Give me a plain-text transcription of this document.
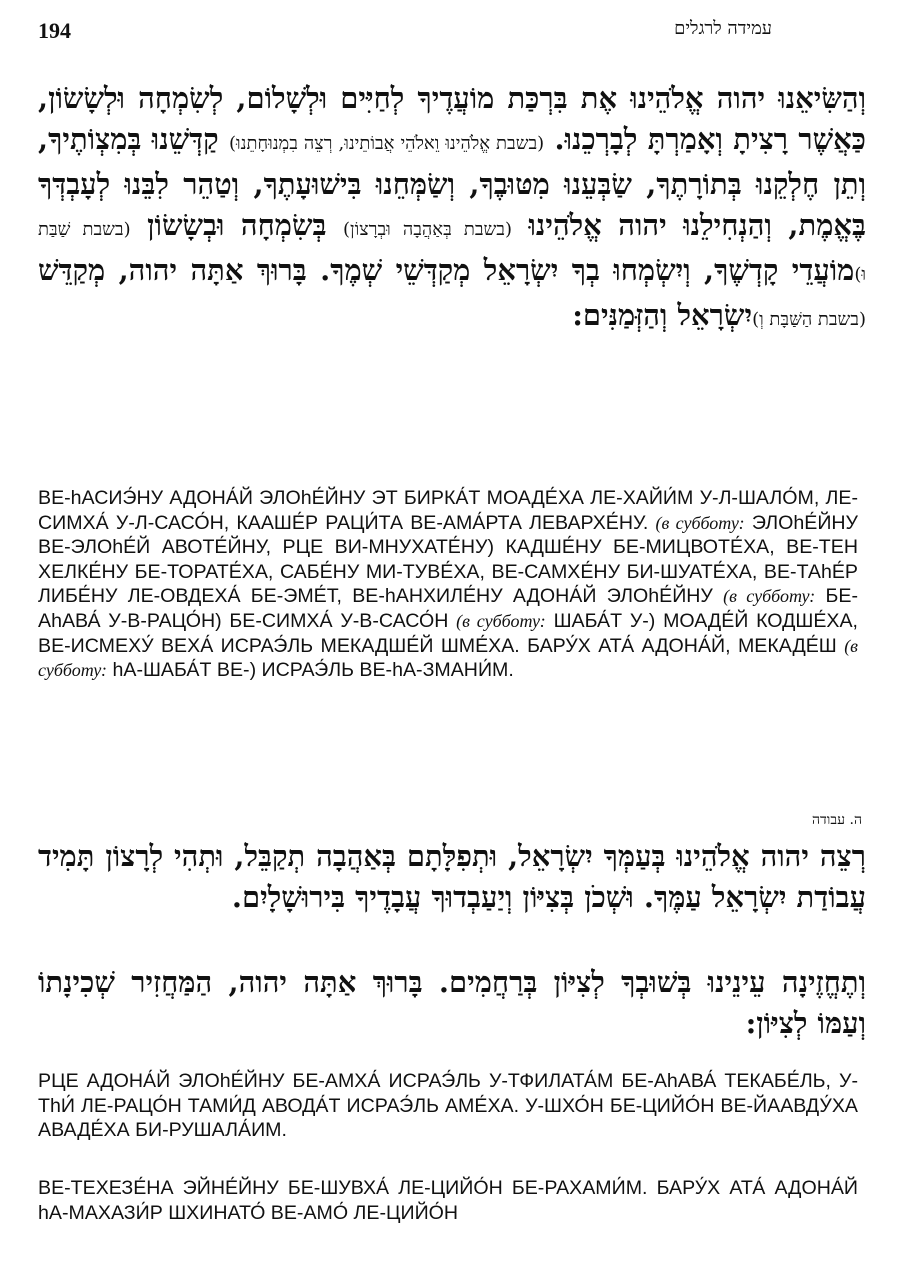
194	עמידה לרגלים
וְהַשִּׂיאֵנוּ יהוה אֱלֹהֵינוּ אֶת בִּרְכַּת מוֹעֲדֶיךָ לְחַיִּים וּלְשָׁלוֹם, לְשִׂמְחָה וּלְשָׂשׂוֹן, כַּאֲשֶׁר רָצִיתָ וְאָמַרְתָּ לְבָרְכֵנוּ. (בשבת אֱלֹהֵינוּ וֵאלֹהֵי אֲבוֹתֵינוּ, רְצֵה בִמְנוּחָתֵנוּ) קַדְּשֵׁנוּ בְּמִצְוֹתֶיךָ, וְתֵן חֶלְקֵנוּ בְּתוֹרָתֶךָ, שַׂבְּעֵנוּ מִטּוּבֶךָ, וְשַׂמְּחֵנוּ בִּישׁוּעָתֶךָ, וְטַהֵר לִבֵּנוּ לְעָבְדְּךָ בֶּאֱמֶת, וְהַנְחִילֵנוּ יהוה אֱלֹהֵינוּ (בשבת בְּאַהֲבָה וּבְרָצוֹן) בְּשִׂמְחָה וּבְשָׂשׂוֹן (בשבת שַׁבַּת וּ)מוֹעֲדֵי קָדְשֶׁךָ, וְיִשְׂמְחוּ בְךָ יִשְׂרָאֵל מְקַדְּשֵׁי שְׁמֶךָ. בָּרוּךְ אַתָּה יהוה, מְקַדֵּשׁ (בשבת הַשַּׁבָּת וְ)יִשְׂרָאֵל וְהַזְּמַנִּים:
ВЕ-hАСИЭ́НУ АДОНА́Й ЭЛОhЕ́ЙНУ ЭТ БИРКА́Т МОАДЕ́ХА ЛЕ-ХАЙИ́М У-Л-ШАЛО́М, ЛЕ-СИМХА́ У-Л-САСО́Н, КААШЕ́Р РАЦИ́ТА ВЕ-АМА́РТА ЛЕВАРХЕ́НУ. (в субботу: ЭЛОhЕ́ЙНУ ВЕ-ЭЛОhЕ́Й АВОТЕ́ЙНУ, РЦЕ ВИ-МНУХАТЕ́НУ) КАДШЕ́НУ БЕ-МИЦВОТЕ́ХА, ВЕ-ТЕН ХЕЛКЕ́НУ БЕ-ТОРАТЕ́ХА, САБЕ́НУ МИ-ТУВЕ́ХА, ВЕ-САМХЕ́НУ БИ-ШУАТЕ́ХА, ВЕ-ТАhЕ́Р ЛИБЕ́НУ ЛЕ-ОВДЕХА́ БЕ-ЭМЕ́Т, ВЕ-hАНХИЛЕ́НУ АДОНА́Й ЭЛОhЕ́ЙНУ (в субботу: БЕ-АhАВА́ У-В-РАЦО́Н) БЕ-СИМХА́ У-В-САСО́Н (в субботу: ШАБА́Т У-) МОАДЕ́Й КОДШЕ́ХА, ВЕ-ИСМЕХУ́ ВЕХА́ ИСРАЭ́ЛЬ МЕКАДШЕ́Й ШМЕ́ХА. БАРУ́Х АТА́ АДОНА́Й, МЕКАДЕ́Ш (в субботу: hА-ШАБА́Т ВЕ-) ИСРАЭ́ЛЬ ВЕ-hА-ЗМАНИ́М.
ה. עבודה
רְצֵה יהוה אֱלֹהֵינוּ בְּעַמְּךָ יִשְׂרָאֵל, וּתְפִלָּתָם בְּאַהֲבָה תְקַבֵּל, וּתְהִי לְרָצוֹן תָּמִיד עֲבוֹדַת יִשְׂרָאֵל עַמֶּךָ. וּשְׁכֹן בְּצִיּוֹן וְיַעַבְדוּךָ עֲבָדֶיךָ בִּירוּשָׁלָיִם.
וְתֶחֱזֶינָה עֵינֵינוּ בְּשׁוּבְךָ לְצִיּוֹן בְּרַחֲמִים. בָּרוּךְ אַתָּה יהוה, הַמַּחֲזִיר שְׁכִינָתוֹ וְעַמּוֹ לְצִיּוֹן:
РЦЕ АДОНА́Й ЭЛОhЕ́ЙНУ БЕ-АМХА́ ИСРАЭ́ЛЬ У-ТФИЛАТА́М БЕ-АhАВА́ ТЕКАБЕ́ЛЬ, У-ТhИ́ ЛЕ-РАЦО́Н ТАМИ́Д АВОДА́Т ИСРАЭ́ЛЬ АМЕ́ХА. У-ШХО́Н БЕ-ЦИЙО́Н ВЕ-ЙААВДУ́ХА АВАДЕ́ХА БИ-РУШАЛА́ИМ.
ВЕ-ТЕХЕЗЕ́НА ЭЙНЕ́ЙНУ БЕ-ШУВХА́ ЛЕ-ЦИЙО́Н БЕ-РАХАМИ́М. БАРУ́Х АТА́ АДОНА́Й hА-МАХАЗИ́Р ШХИНАТО́ ВЕ-АМО́ ЛЕ-ЦИЙО́Н
